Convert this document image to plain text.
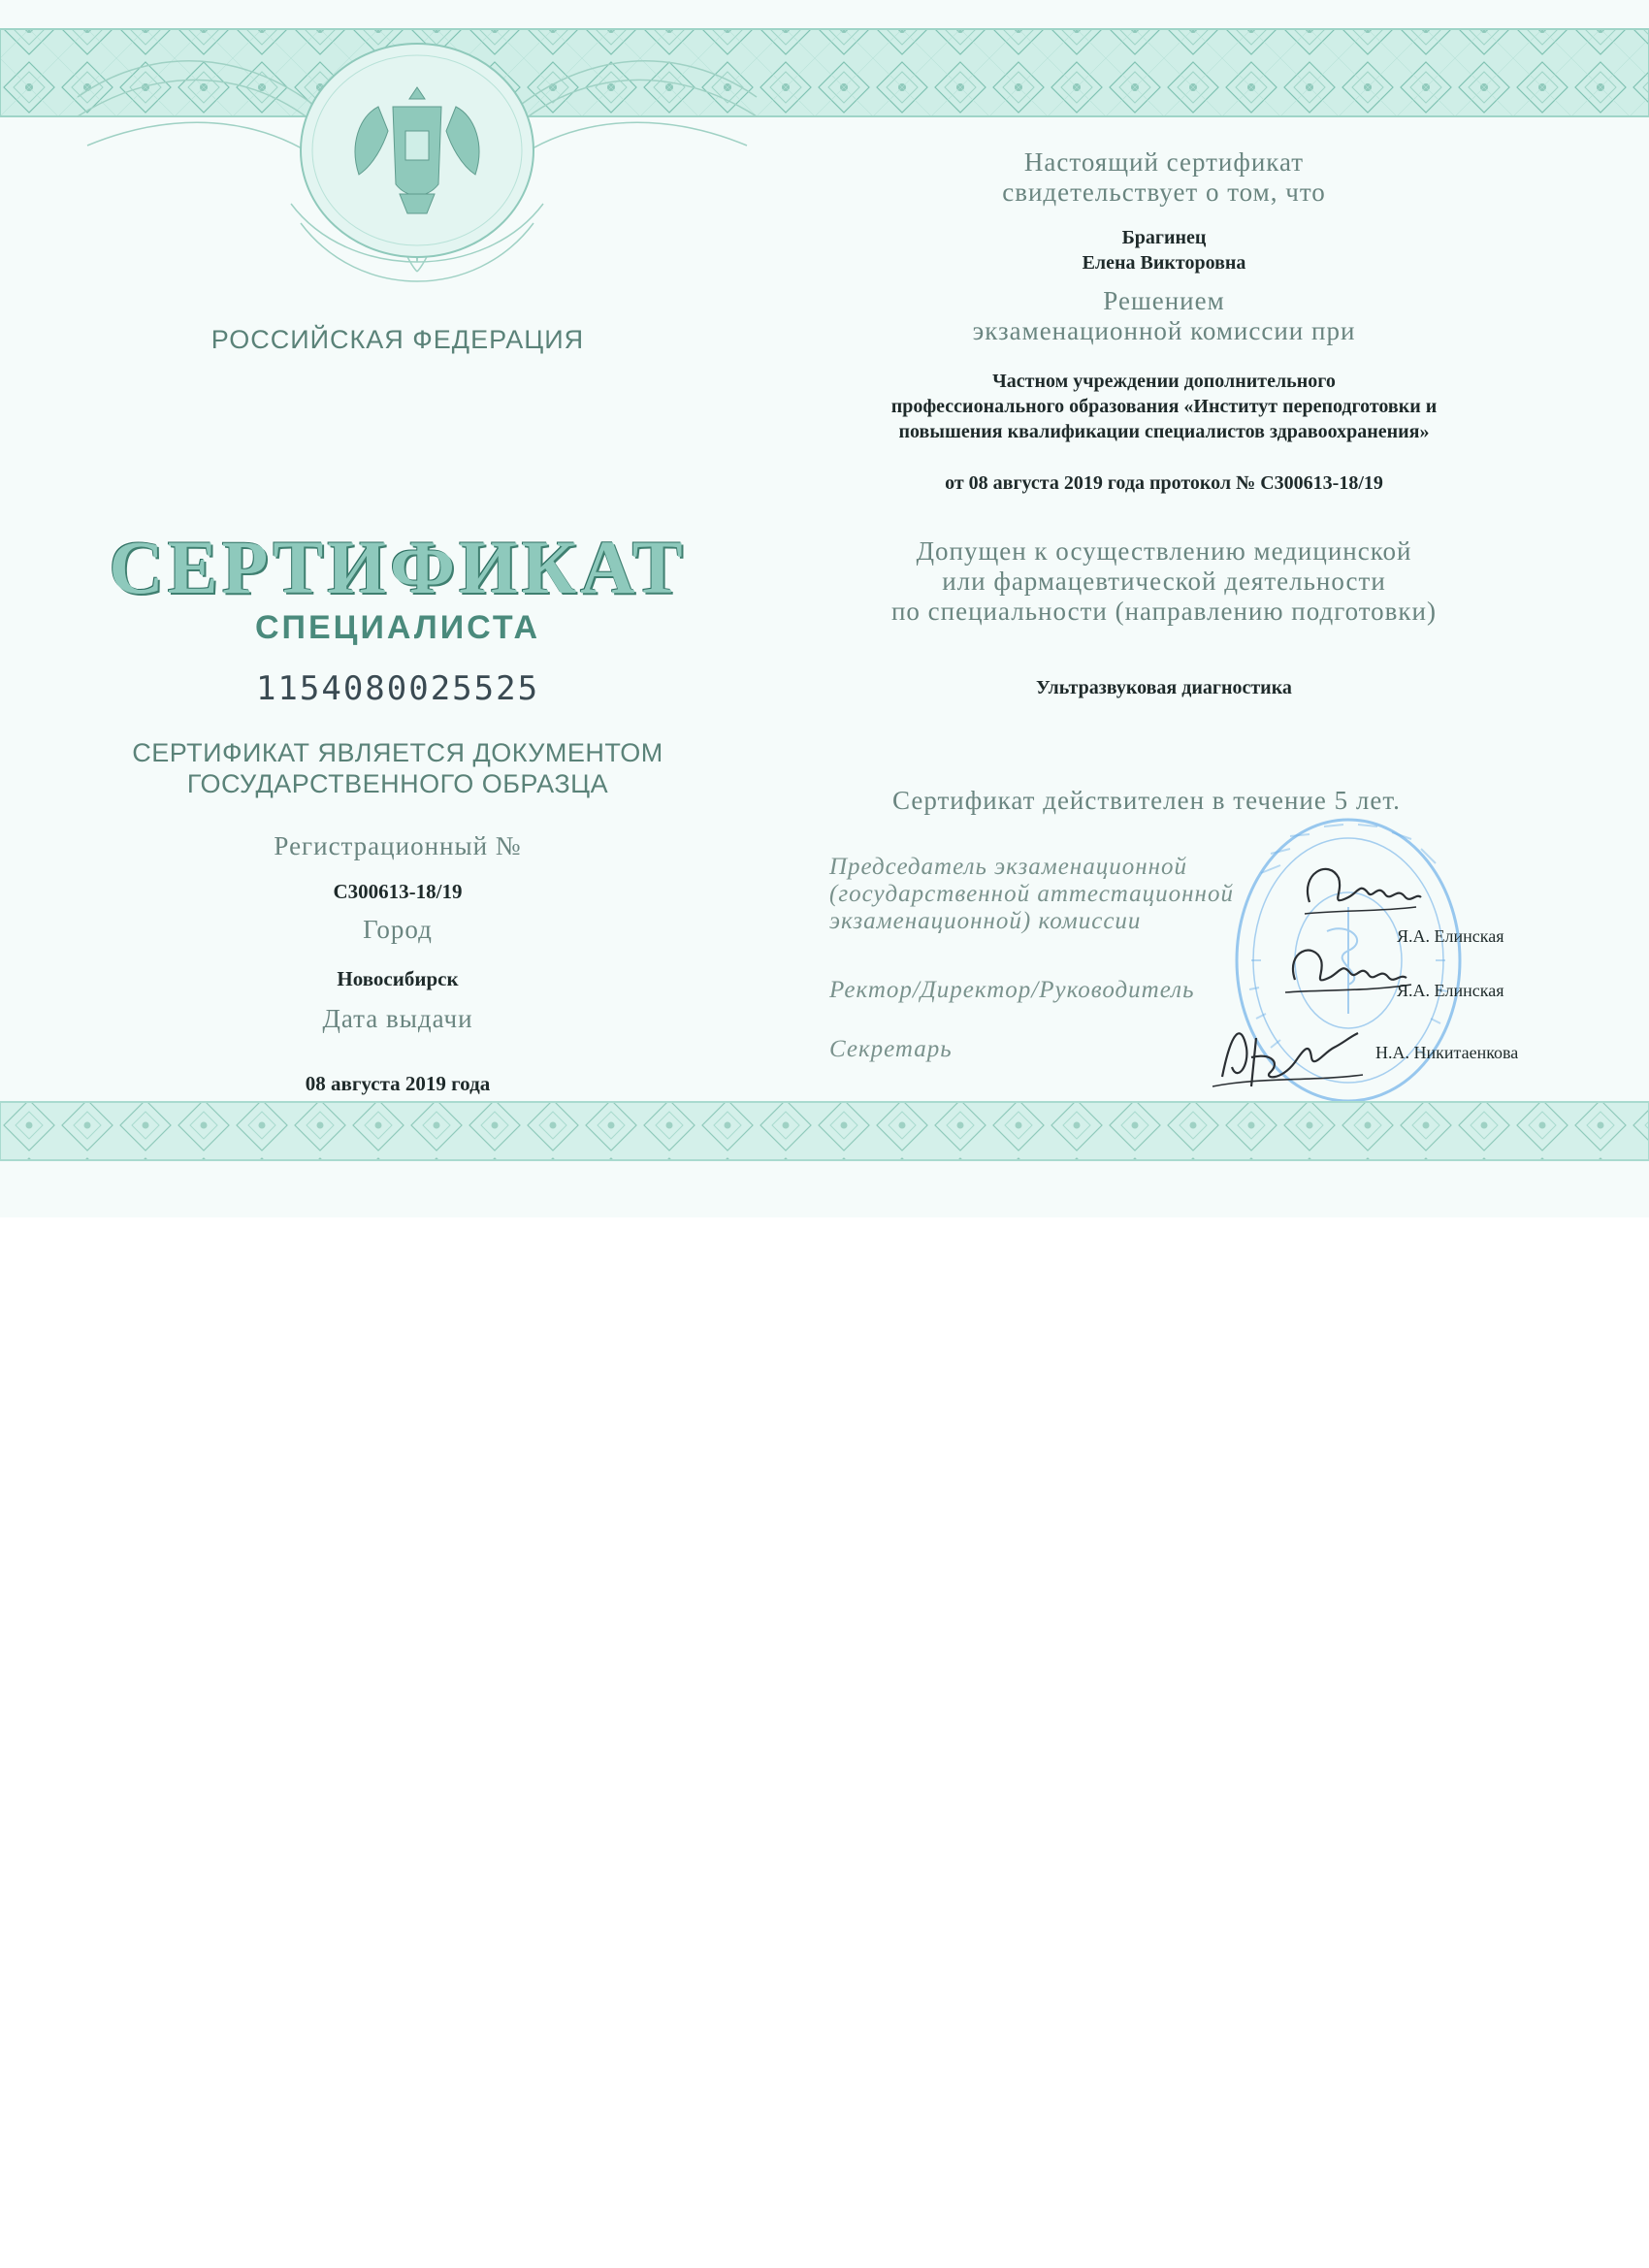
РОССИЙСКАЯ ФЕДЕРАЦИЯ
СЕРТИФИКАТ
СПЕЦИАЛИСТА
1154080025525
СЕРТИФИКАТ ЯВЛЯЕТСЯ ДОКУМЕНТОМ
ГОСУДАРСТВЕННОГО ОБРАЗЦА
Регистрационный №
С300613-18/19
Город
Новосибирск
Дата выдачи
08 августа 2019 года
Настоящий сертификат
свидетельствует о том, что
Брагинец
Елена Викторовна
Решением
экзаменационной комиссии при
Частном учреждении дополнительного
профессионального образования «Институт переподготовки и
повышения квалификации специалистов здравоохранения»
от 08 августа 2019 года протокол № С300613-18/19
Допущен к осуществлению медицинской
или фармацевтической деятельности
по специальности (направлению подготовки)
Ультразвуковая диагностика
Сертификат действителен в течение 5 лет.
Председатель экзаменационной
(государственной аттестационной
экзаменационной) комиссии
Ректор/Директор/Руководитель
Секретарь
Я.А. Елинская
Я.А. Елинская
Н.А. Никитаенкова
